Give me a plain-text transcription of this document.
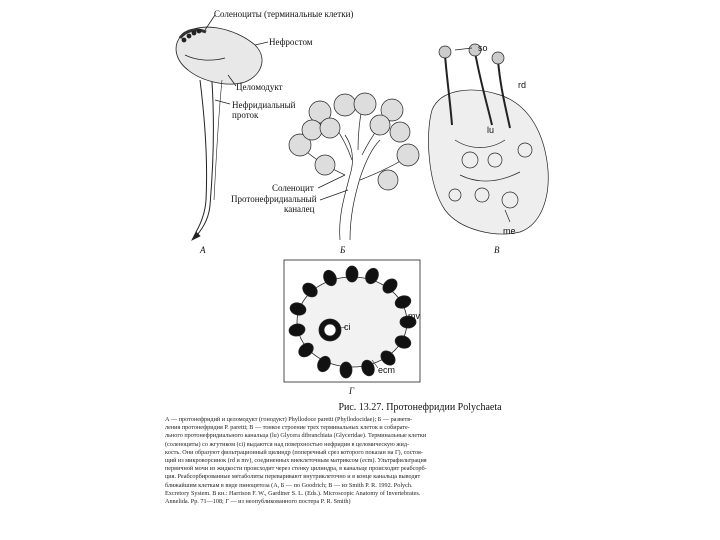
Соленоциты (терминальные клетки)
Нефростом
Целомодукт
Нефридиальный
проток
А
Соленоцит
Протонефридиальный
каналец
Б
so
rd
lu
me
В
mv
ci
ecm
Г
Рис. 13.27. Протонефридии Polychaeta
А — протонефридий и целомодукт (гонодукт) Phyllodoce paretti (Phyllodocidae); Б — разветв-
ления протонефридия P. paretti; В — тонкое строение трех терминальных клеток и собирате-
льного протонефридиального канальца (lu) Glycera dibranchiata (Glyceridae). Терминальные клетки
(соленоциты) со жгутиком (ci) выдаются над поверхностью нефридия в целомическую жид-
кость. Они образуют фильтрационный цилиндр (поперечный срез которого показан на Г), состоя-
щий из микроворсинок (rd и mv), соединенных внеклеточным матриксом (ecm). Ультрафильтрация
первичной мочи из жидкости происходит через стенку цилиндра, в канальце происходит реабсорб-
ция. Реабсорбированные метаболиты переваривают внутриклеточно и в конце канальца выводят
ближайшим клеткам в виде пиноцитоза (А, Б — по Goodrich; В — из Smith P. R. 1992. Polych.
Excretory System. В кн.: Harrison F. W., Gardiner S. L. (Eds.). Microscopic Anatomy of Invertebrates.
Annelida. Pp. 71—108; Г — из неопубликованного постера P. R. Smith)
